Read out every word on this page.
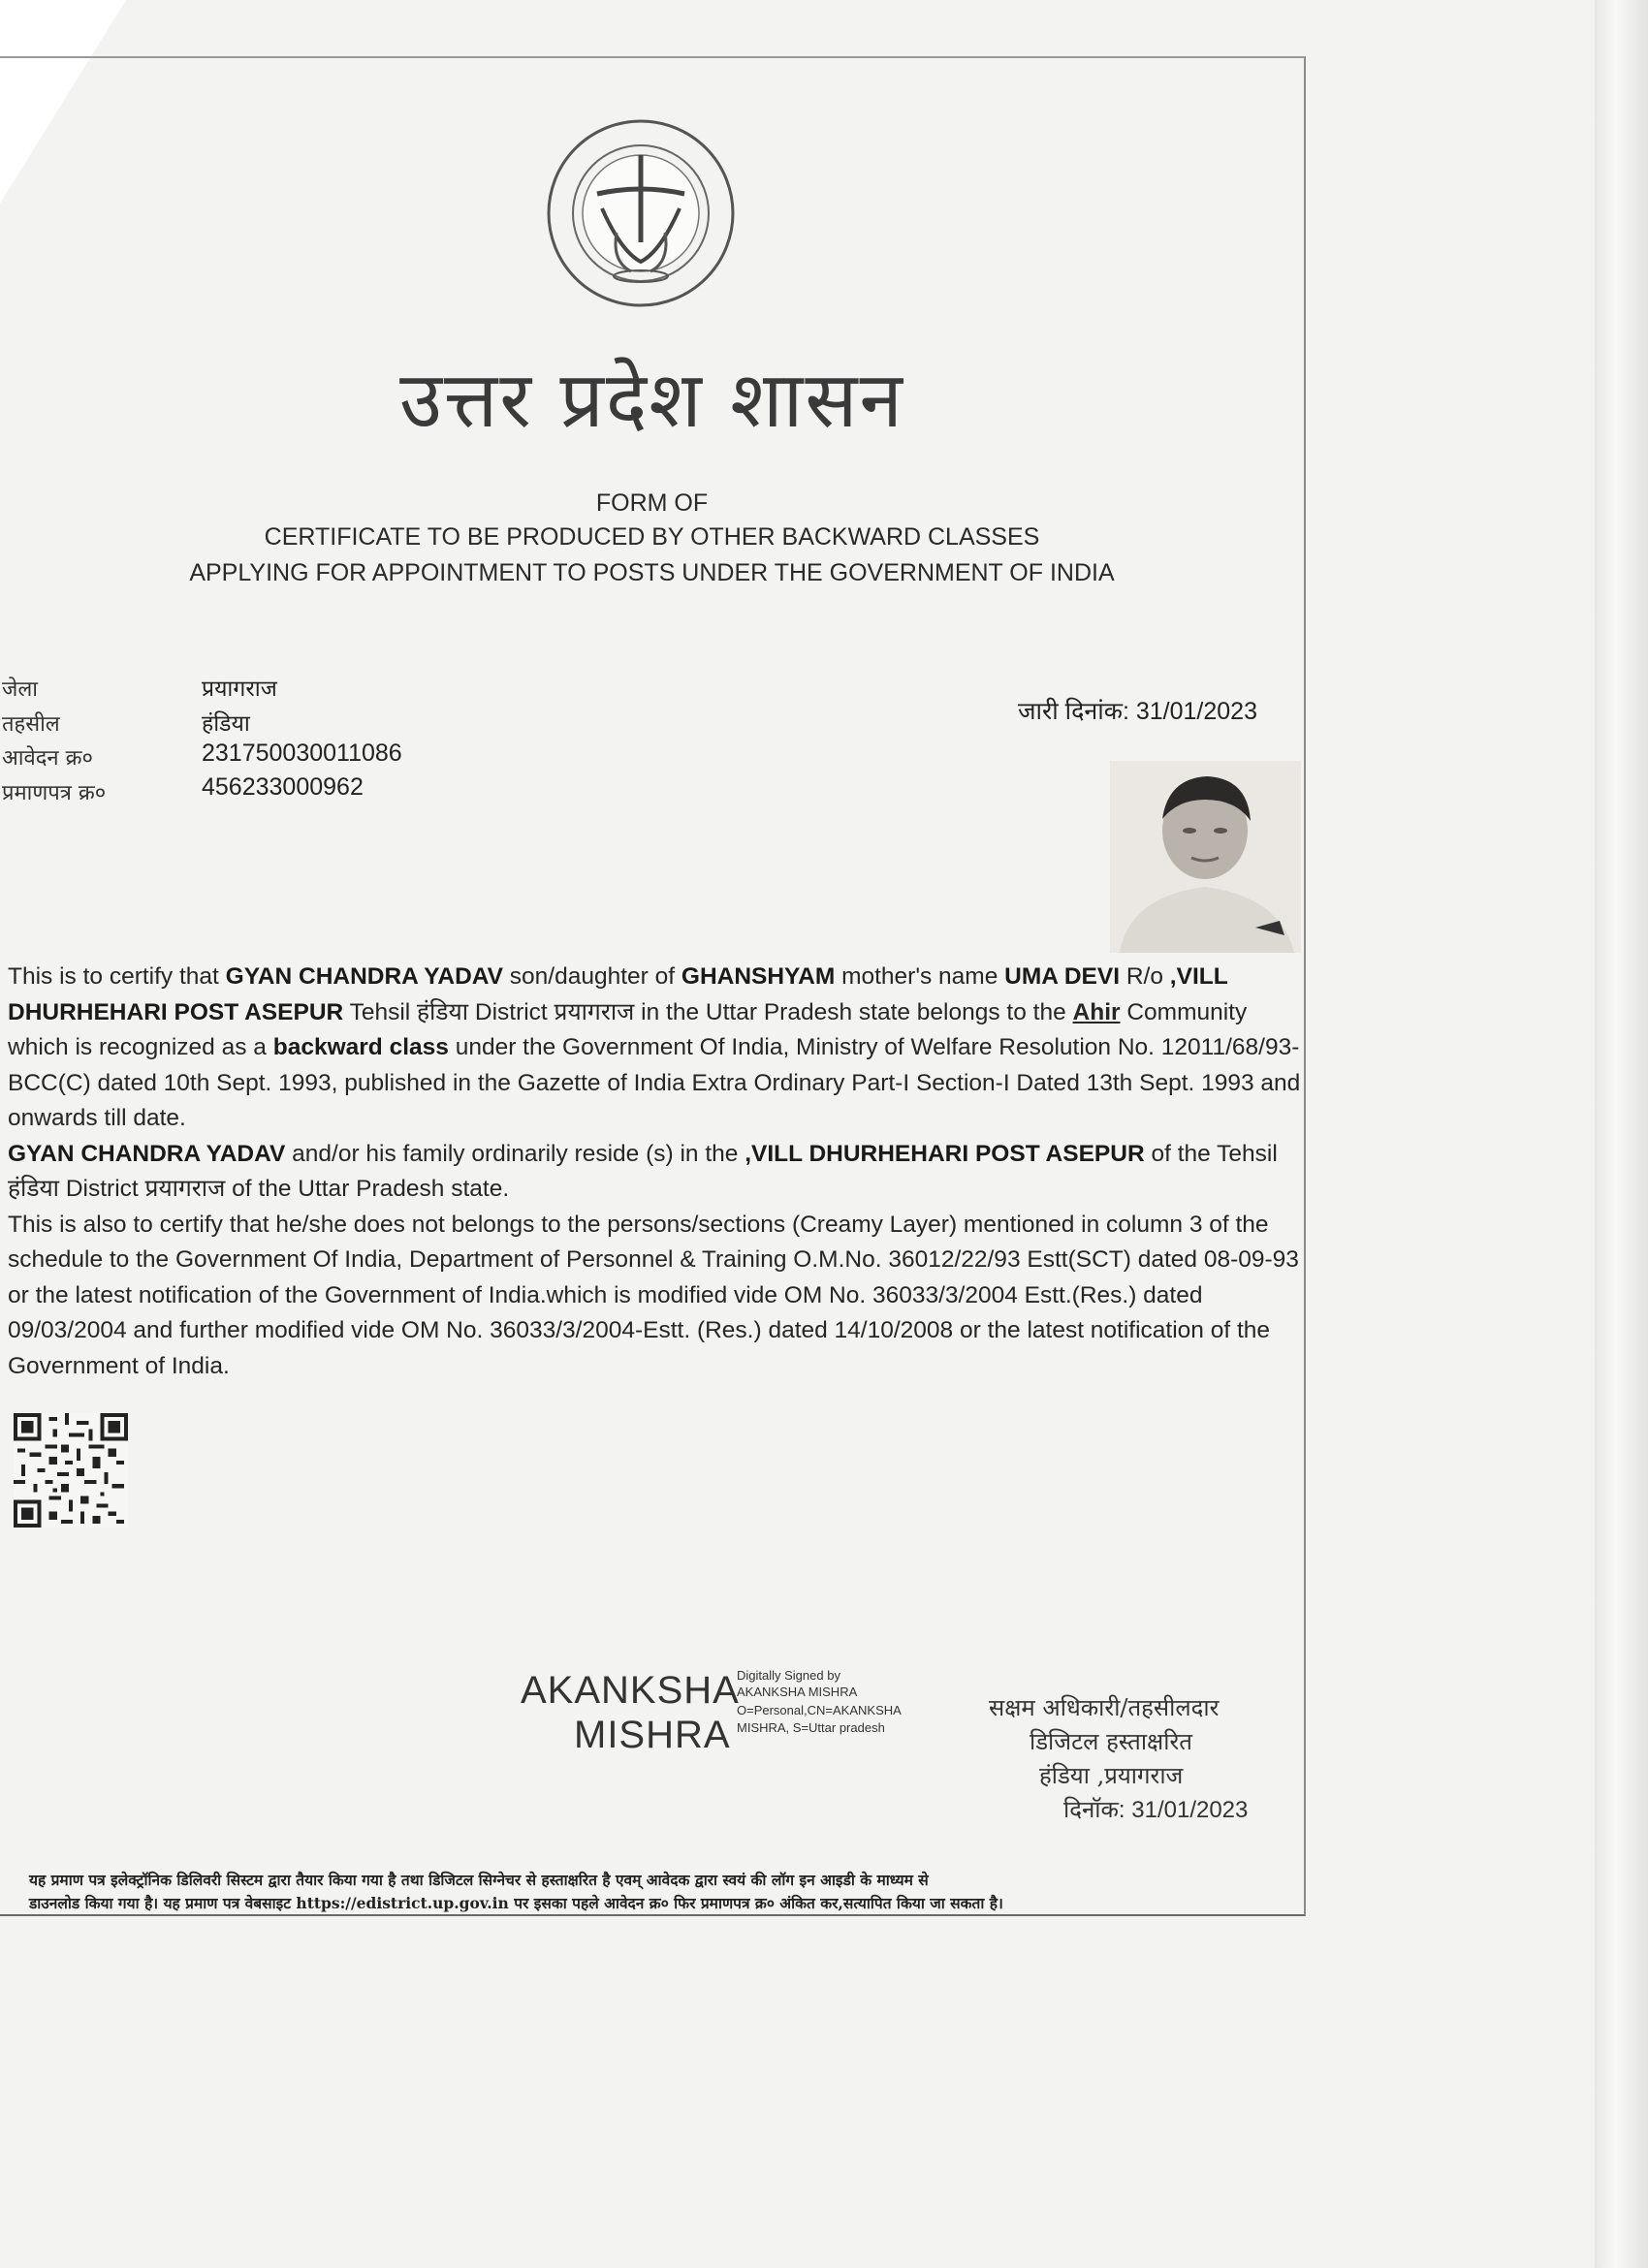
उत्तर प्रदेश शासन
FORM OF
CERTIFICATE TO BE PRODUCED BY OTHER BACKWARD CLASSES
APPLYING FOR APPOINTMENT TO POSTS UNDER THE GOVERNMENT OF INDIA
जेला	प्रयागराज
तहसील	हंडिया
आवेदन क्र०	231750030011086
प्रमाणपत्र क्र०	456233000962
जारी दिनांक: 31/01/2023

This is to certify that GYAN CHANDRA YADAV son/daughter of GHANSHYAM mother's name UMA DEVI R/o ,VILL DHURHEHARI POST ASEPUR Tehsil हंडिया District प्रयागराज in the Uttar Pradesh state belongs to the Ahir Community which is recognized as a backward class under the Government Of India, Ministry of Welfare Resolution No. 12011/68/93-BCC(C) dated 10th Sept. 1993, published in the Gazette of India Extra Ordinary Part-I Section-I Dated 13th Sept. 1993 and onwards till date.

GYAN CHANDRA YADAV and/or his family ordinarily reside (s) in the ,VILL DHURHEHARI POST ASEPUR of the Tehsil हंडिया District प्रयागराज of the Uttar Pradesh state.

This is also to certify that he/she does not belongs to the persons/sections (Creamy Layer) mentioned in column 3 of the schedule to the Government Of India, Department of Personnel & Training O.M.No. 36012/22/93 Estt(SCT) dated 08-09-93 or the latest notification of the Government of India.which is modified vide OM No. 36033/3/2004 Estt.(Res.) dated 09/03/2004 and further modified vide OM No. 36033/3/2004-Estt. (Res.) dated 14/10/2008 or the latest notification of the Government of India.

AKANKSHA
MISHRA
Digitally Signed by
AKANKSHA MISHRA
O=Personal,CN=AKANKSHA
MISHRA, S=Uttar pradesh
सक्षम अधिकारी/तहसीलदार
डिजिटल हस्ताक्षरित
हंडिया ,प्रयागराज
दिनॉक: 31/01/2023
यह प्रमाण पत्र इलेक्ट्रॉनिक डिलिवरी सिस्टम द्वारा तैयार किया गया है तथा डिजिटल सिग्नेचर से हस्ताक्षरित है एवम् आवेदक द्वारा स्वयं की लॉग इन आइडी के माध्यम से
डाउनलोड किया गया है। यह प्रमाण पत्र वेबसाइट https://edistrict.up.gov.in पर इसका पहले आवेदन क्र० फिर प्रमाणपत्र क्र० अंकित कर,सत्यापित किया जा सकता है।
